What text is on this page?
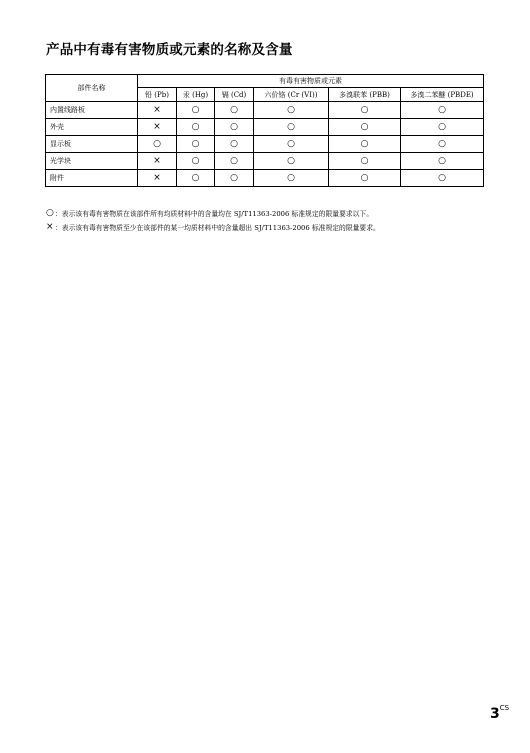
产品中有毒有害物质或元素的名称及含量
部件名称	有毒有害物质或元素					
	铅 (Pb)	汞 (Hg)	镉 (Cd)	六价铬 (Cr (VI))	多溴联苯 (PBB)	多溴二苯醚 (PBDE)
内置线路板	×	○	○	○	○	○
外壳	×	○	○	○	○	○
显示板	○	○	○	○	○	○
光学块	×	○	○	○	○	○
附件	×	○	○	○	○	○
○：表示该有毒有害物质在该部件所有均质材料中的含量均在 SJ/T11363-2006 标准规定的限量要求以下。
×：表示该有毒有害物质至少在该部件的某一均质材料中的含量超出 SJ/T11363-2006 标准规定的限量要求。
$3^{CS}$
